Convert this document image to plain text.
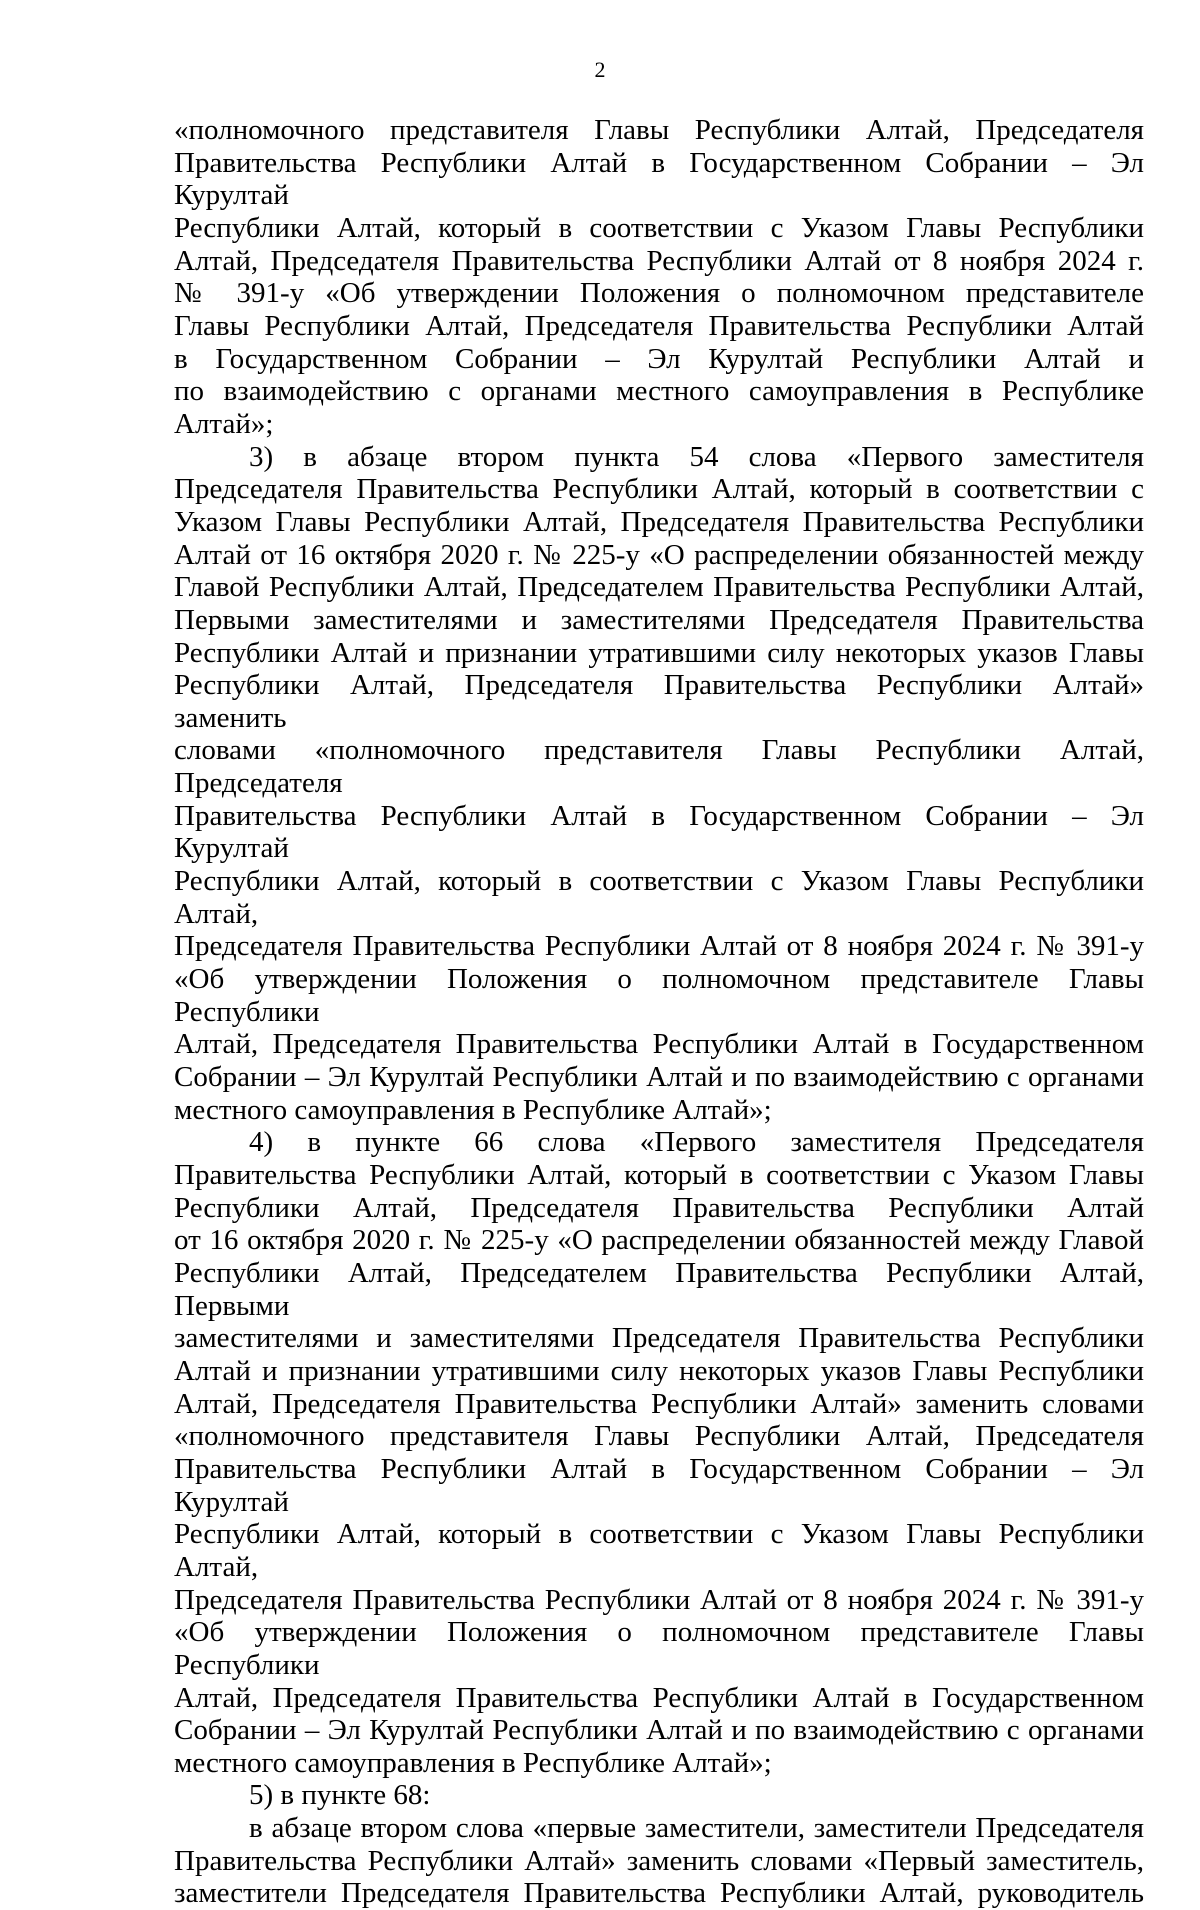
2
«полномочного представителя Главы Республики Алтай, Председателя
Правительства Республики Алтай в Государственном Собрании – Эл Курултай
Республики Алтай, который в соответствии с Указом Главы Республики
Алтай, Председателя Правительства Республики Алтай от 8 ноября 2024 г.
№ 391-у «Об утверждении Положения о полномочном представителе
Главы Республики Алтай, Председателя Правительства Республики Алтай
в Государственном Собрании – Эл Курултай Республики Алтай и
по взаимодействию с органами местного самоуправления в Республике
Алтай»;
3) в абзаце втором пункта 54 слова «Первого заместителя
Председателя Правительства Республики Алтай, который в соответствии с
Указом Главы Республики Алтай, Председателя Правительства Республики
Алтай от 16 октября 2020 г. № 225-у «О распределении обязанностей между
Главой Республики Алтай, Председателем Правительства Республики Алтай,
Первыми заместителями и заместителями Председателя Правительства
Республики Алтай и признании утратившими силу некоторых указов Главы
Республики Алтай, Председателя Правительства Республики Алтай» заменить
словами «полномочного представителя Главы Республики Алтай, Председателя
Правительства Республики Алтай в Государственном Собрании – Эл Курултай
Республики Алтай, который в соответствии с Указом Главы Республики Алтай,
Председателя Правительства Республики Алтай от 8 ноября 2024 г. № 391-у
«Об утверждении Положения о полномочном представителе Главы Республики
Алтай, Председателя Правительства Республики Алтай в Государственном
Собрании – Эл Курултай Республики Алтай и по взаимодействию с органами
местного самоуправления в Республике Алтай»;
4) в пункте 66 слова «Первого заместителя Председателя
Правительства Республики Алтай, который в соответствии с Указом Главы
Республики Алтай, Председателя Правительства Республики Алтай
от 16 октября 2020 г. № 225-у «О распределении обязанностей между Главой
Республики Алтай, Председателем Правительства Республики Алтай, Первыми
заместителями и заместителями Председателя Правительства Республики
Алтай и признании утратившими силу некоторых указов Главы Республики
Алтай, Председателя Правительства Республики Алтай» заменить словами
«полномочного представителя Главы Республики Алтай, Председателя
Правительства Республики Алтай в Государственном Собрании – Эл Курултай
Республики Алтай, который в соответствии с Указом Главы Республики Алтай,
Председателя Правительства Республики Алтай от 8 ноября 2024 г. № 391-у
«Об утверждении Положения о полномочном представителе Главы Республики
Алтай, Председателя Правительства Республики Алтай в Государственном
Собрании – Эл Курултай Республики Алтай и по взаимодействию с органами
местного самоуправления в Республике Алтай»;
5) в пункте 68:
в абзаце втором слова «первые заместители, заместители Председателя
Правительства Республики Алтай» заменить словами «Первый заместитель,
заместители Председателя Правительства Республики Алтай, руководитель
